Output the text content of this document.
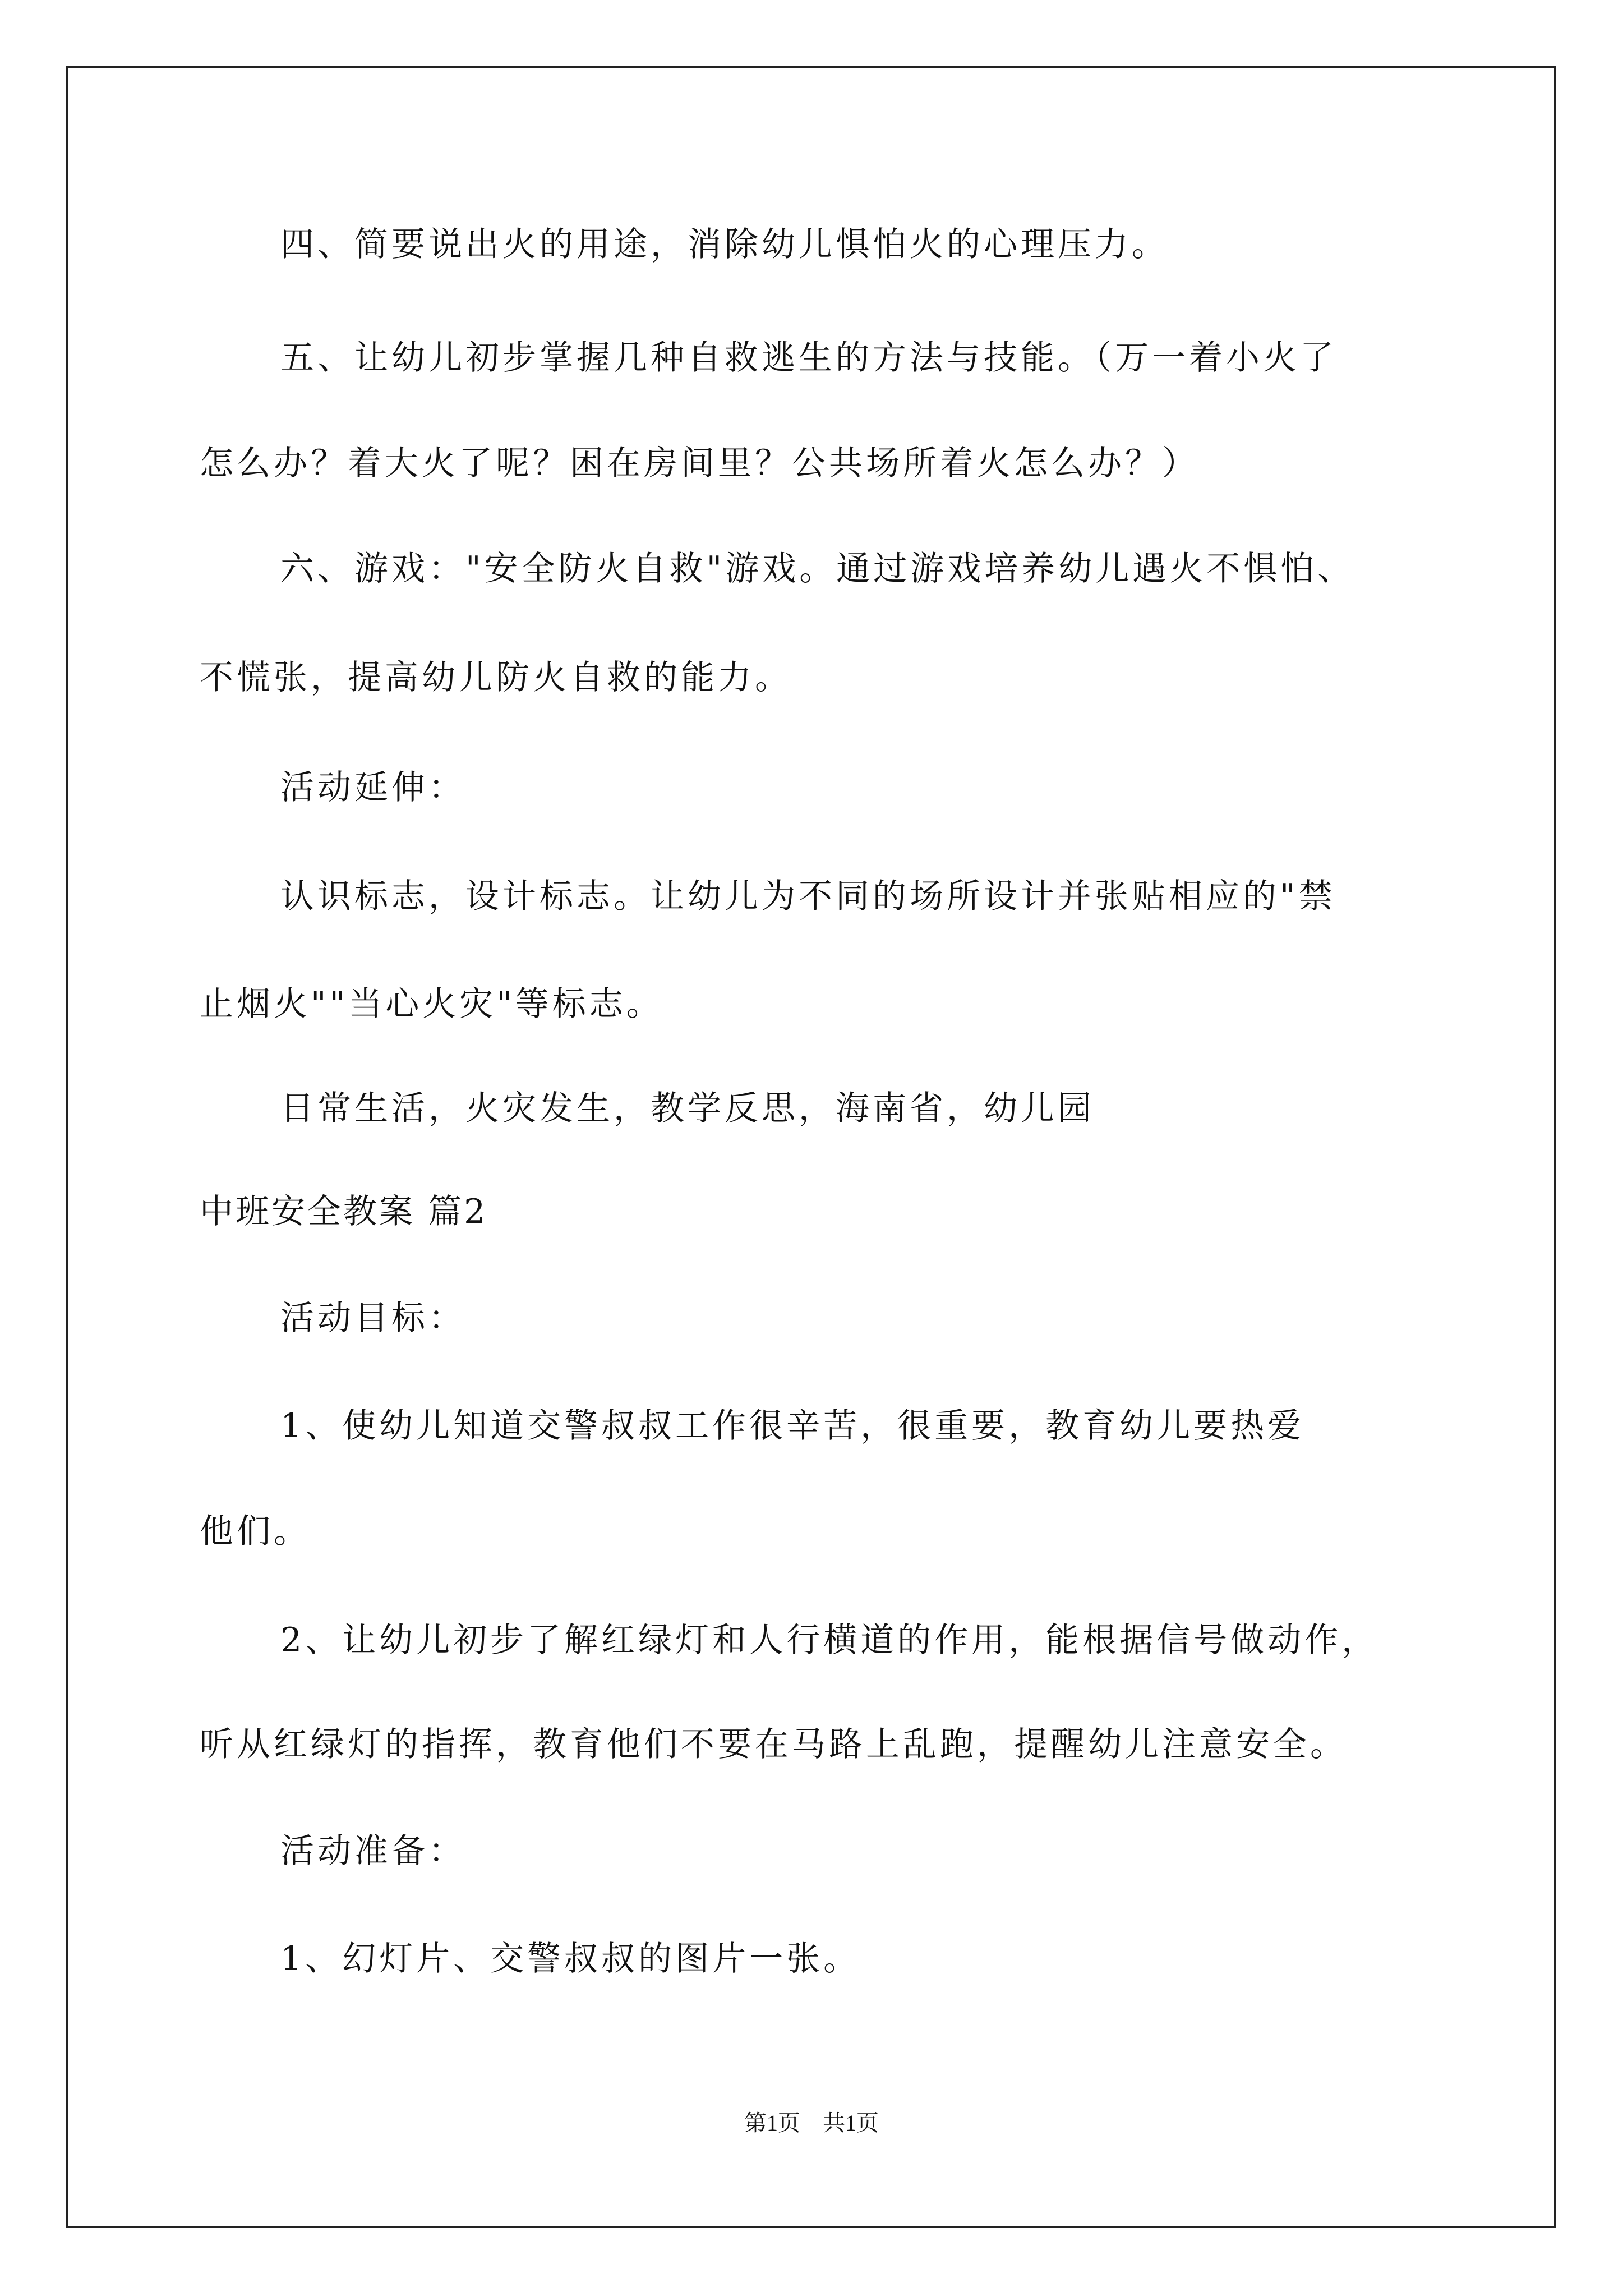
四、简要说出火的用途，消除幼儿惧怕火的心理压力。
五、让幼儿初步掌握几种自救逃生的方法与技能。（万一着小火了
怎么办？着大火了呢？困在房间里？公共场所着火怎么办？）
六、游戏："安全防火自救"游戏。通过游戏培养幼儿遇火不惧怕、
不慌张，提高幼儿防火自救的能力。
活动延伸：
认识标志，设计标志。让幼儿为不同的场所设计并张贴相应的"禁
止烟火""当心火灾"等标志。
日常生活，火灾发生，教学反思，海南省，幼儿园
中班安全教案 篇2
活动目标：
1、使幼儿知道交警叔叔工作很辛苦，很重要，教育幼儿要热爱
他们。
2、让幼儿初步了解红绿灯和人行横道的作用，能根据信号做动作，
听从红绿灯的指挥，教育他们不要在马路上乱跑，提醒幼儿注意安全。
活动准备：
1、幻灯片、交警叔叔的图片一张。
第1页 共1页
